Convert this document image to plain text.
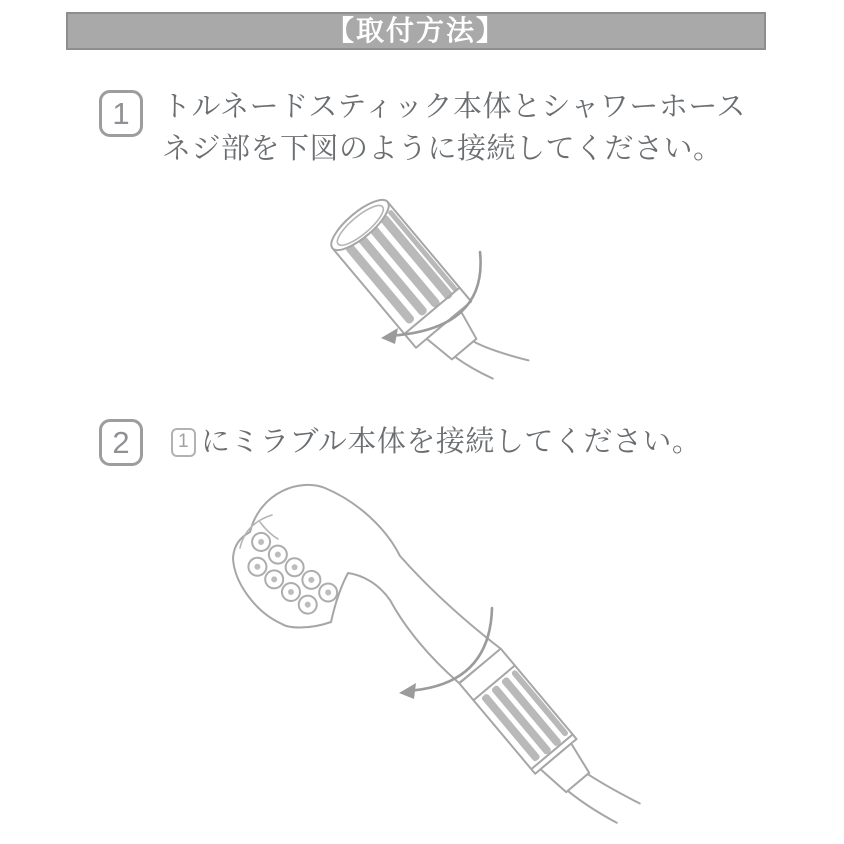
【取付方法】
1 トルネードスティック本体とシャワーホース
ネジ部を下図のように接続してください。
2	1 にミラブル本体を接続してください。
